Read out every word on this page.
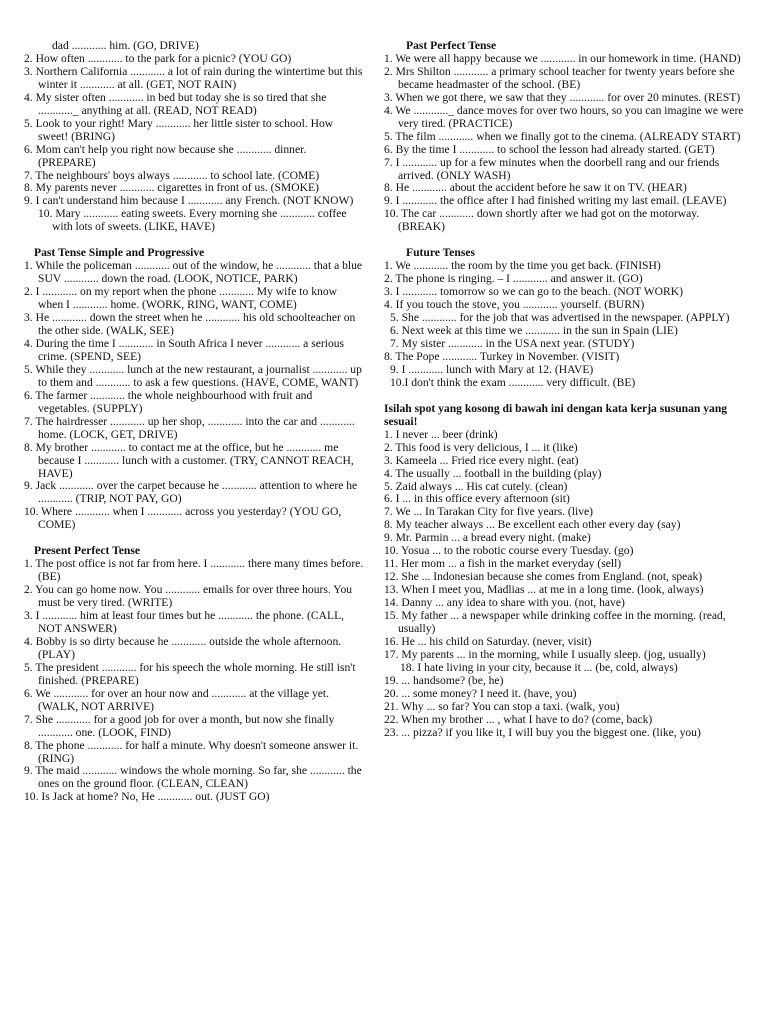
dad ............ him. (GO, DRIVE)

2. How often ............ to the park for a picnic? (YOU GO)

3. Northern California ............ a lot of rain during the wintertime but this winter it ............ at all. (GET, NOT RAIN)

4. My sister often ............ in bed but today she is so tired that she ............_ anything at all. (READ, NOT READ)

5. Look to your right! Mary ............ her little sister to school. How sweet! (BRING)

6. Mom can't help you right now because she ............ dinner. (PREPARE)

7. The neighbours' boys always ............ to school late. (COME)

8. My parents never ............ cigarettes in front of us. (SMOKE)

9. I can't understand him because I ............ any French. (NOT KNOW)

10. Mary ............ eating sweets. Every morning she ............ coffee with lots of sweets. (LIKE, HAVE)

Past Tense Simple and Progressive

1. While the policeman ............ out of the window, he ............ that a blue SUV ............ down the road. (LOOK, NOTICE, PARK)

2. I ............ on my report when the phone ............ My wife to know when I ............ home. (WORK, RING, WANT, COME)

3. He ............ down the street when he ............ his old schoolteacher on the other side. (WALK, SEE)

4. During the time I ............ in South Africa I never ............ a serious crime. (SPEND, SEE)

5. While they ............ lunch at the new restaurant, a journalist ............ up to them and ............ to ask a few questions. (HAVE, COME, WANT)

6. The farmer ............ the whole neighbourhood with fruit and vegetables. (SUPPLY)

7. The hairdresser ............ up her shop, ............ into the car and ............ home. (LOCK, GET, DRIVE)

8. My brother ............ to contact me at the office, but he ............ me because I ............ lunch with a customer. (TRY, CANNOT REACH, HAVE)

9. Jack ............ over the carpet because he ............ attention to where he ............ (TRIP, NOT PAY, GO)

10. Where ............ when I ............ across you yesterday? (YOU GO, COME)

Present Perfect Tense

1. The post office is not far from here. I ............ there many times before. (BE)

2. You can go home now. You ............ emails for over three hours. You must be very tired. (WRITE)

3. I ............ him at least four times but he ............ the phone. (CALL, NOT ANSWER)

4. Bobby is so dirty because he ............ outside the whole afternoon. (PLAY)

5. The president ............ for his speech the whole morning. He still isn't finished. (PREPARE)

6. We ............ for over an hour now and ............ at the village yet. (WALK, NOT ARRIVE)

7. She ............ for a good job for over a month, but now she finally ............ one. (LOOK, FIND)

8. The phone ............ for half a minute. Why doesn't someone answer it. (RING)

9. The maid ............ windows the whole morning. So far, she ............ the ones on the ground floor. (CLEAN, CLEAN)

10. Is Jack at home? No, He ............ out. (JUST GO)

Past Perfect Tense

1. We were all happy because we ............ in our homework in time. (HAND)

2. Mrs Shilton ............ a primary school teacher for twenty years before she became headmaster of the school. (BE)

3. When we got there, we saw that they ............ for over 20 minutes. (REST)

4. We ............_ dance moves for over two hours, so you can imagine we were very tired. (PRACTICE)

5. The film ............ when we finally got to the cinema. (ALREADY START)

6. By the time I ............ to school the lesson had already started. (GET)

7. I ............ up for a few minutes when the doorbell rang and our friends arrived. (ONLY WASH)

8. He ............ about the accident before he saw it on TV. (HEAR)

9. I ............ the office after I had finished writing my last email. (LEAVE)

10. The car ............ down shortly after we had got on the motorway. (BREAK)

Future Tenses

1. We ............ the room by the time you get back. (FINISH)

2. The phone is ringing. – I ............ and answer it. (GO)

3. I ............ tomorrow so we can go to the beach. (NOT WORK)

4. If you touch the stove, you ............ yourself. (BURN)

5. She ............ for the job that was advertised in the newspaper. (APPLY)

6. Next week at this time we ............ in the sun in Spain (LIE)

7. My sister ............ in the USA next year. (STUDY)

8. The Pope ............ Turkey in November. (VISIT)

9. I ............ lunch with Mary at 12. (HAVE)

10.I don't think the exam ............ very difficult. (BE)

Isilah spot yang kosong di bawah ini dengan kata kerja susunan yang sesuai!

1. I never ... beer (drink)

2. This food is very delicious, I ... it (like)

3. Kameela ... Fried rice every night. (eat)

4. The usually ... football in the building (play)

5. Zaid always ... His cat cutely. (clean)

6. I ... in this office every afternoon (sit)

7. We ... In Tarakan City for five years. (live)

8. My teacher always ... Be excellent each other every day (say)

9. Mr. Parmin ... a bread every night. (make)

10. Yosua ... to the robotic course every Tuesday. (go)

11. Her mom ... a fish in the market everyday (sell)

12. She ... Indonesian because she comes from England. (not, speak)

13. When I meet you, Madlias ... at me in a long time. (look, always)

14. Danny ... any idea to share with you. (not, have)

15. My father ... a newspaper while drinking coffee in the morning. (read, usually)

16. He ... his child on Saturday. (never, visit)

17. My parents ... in the morning, while I usually sleep. (jog, usually)

18. I hate living in your city, because it ... (be, cold, always)

19. ... handsome? (be, he)

20. ... some money? I need it. (have, you)

21. Why ... so far? You can stop a taxi. (walk, you)

22. When my brother ... , what I have to do? (come, back)

23. ... pizza? if you like it, I will buy you the biggest one. (like, you)
